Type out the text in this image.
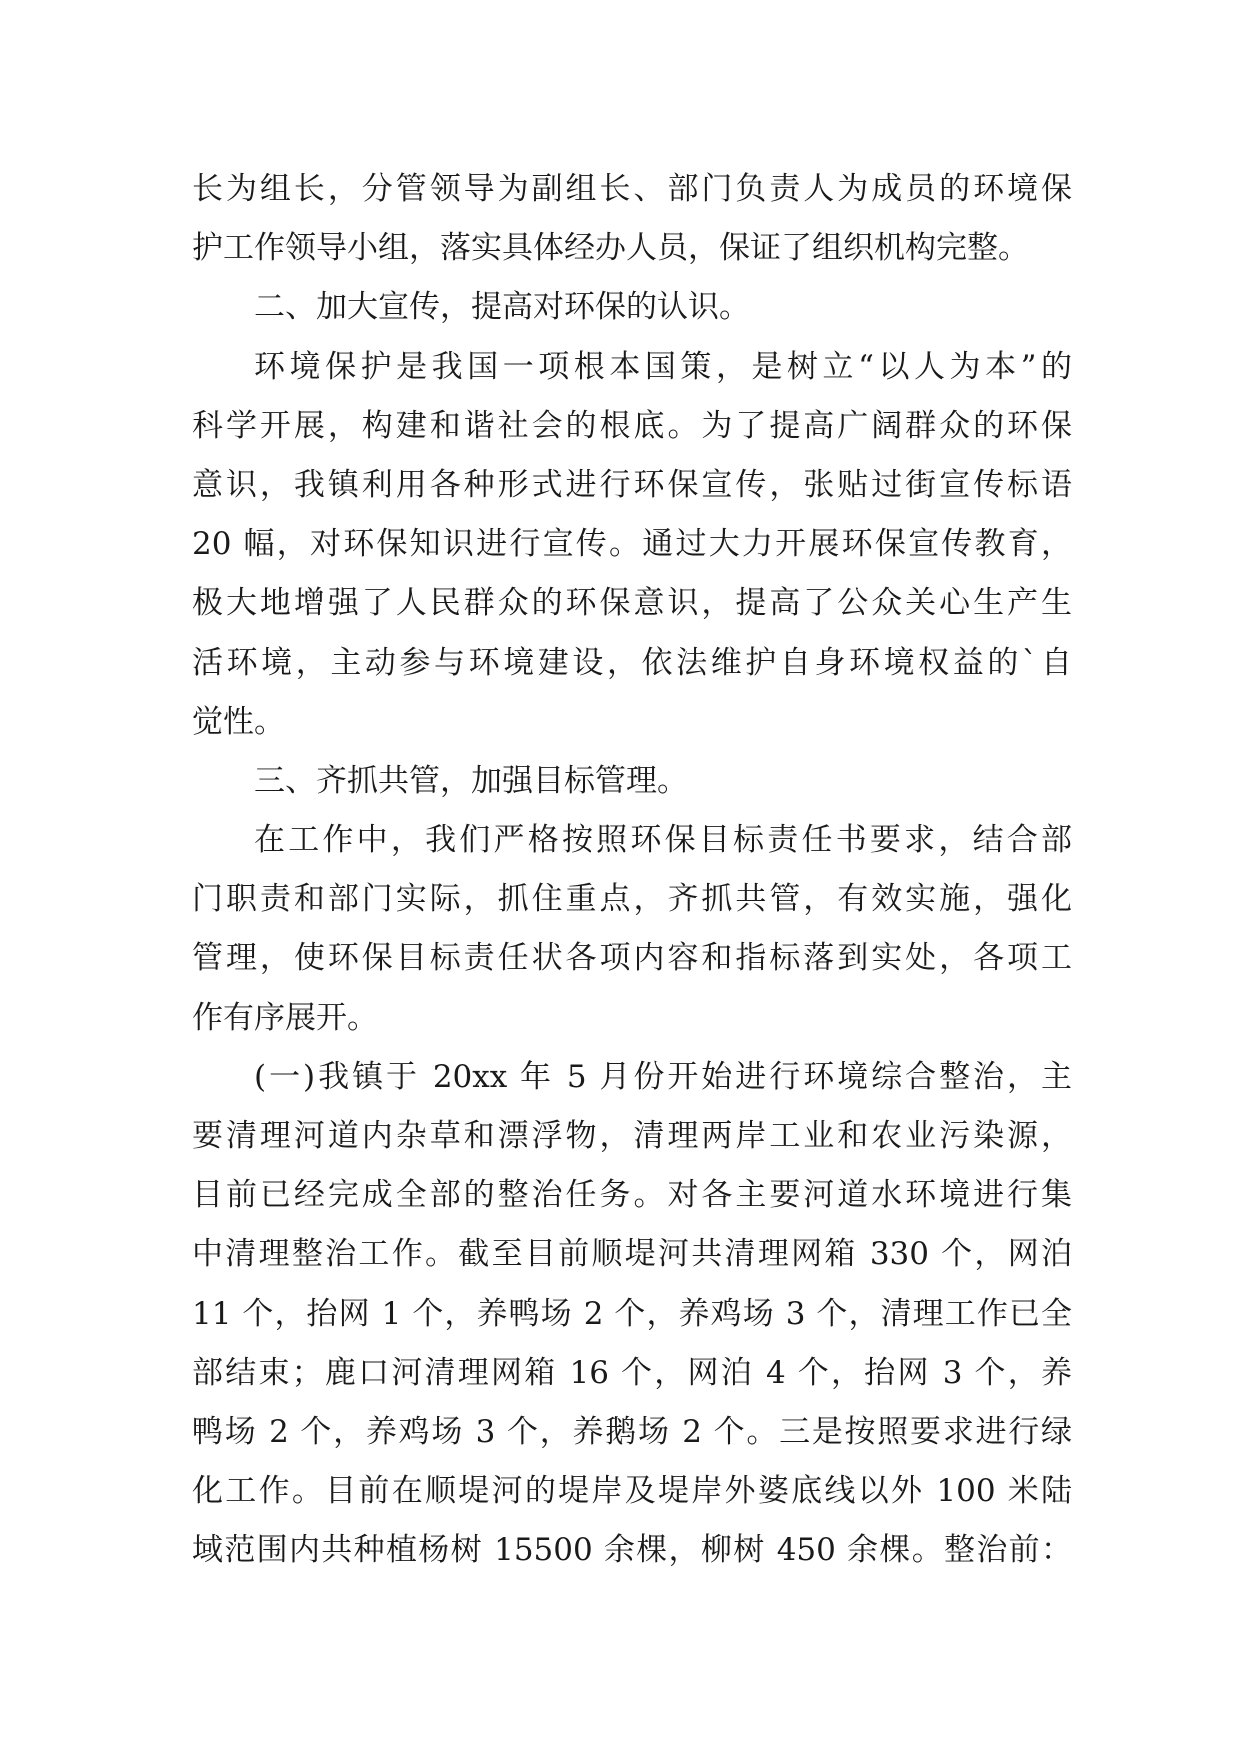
长为组长，分管领导为副组长、部门负责人为成员的环境保
护工作领导小组，落实具体经办人员，保证了组织机构完整。
二、加大宣传，提高对环保的认识。
环境保护是我国一项根本国策，是树立“以人为本”的
科学开展，构建和谐社会的根底。为了提高广阔群众的环保
意识，我镇利用各种形式进行环保宣传，张贴过街宣传标语
20 幅，对环保知识进行宣传。通过大力开展环保宣传教育，
极大地增强了人民群众的环保意识，提高了公众关心生产生
活环境，主动参与环境建设，依法维护自身环境权益的`自
觉性。
三、齐抓共管，加强目标管理。
在工作中，我们严格按照环保目标责任书要求，结合部
门职责和部门实际，抓住重点，齐抓共管，有效实施，强化
管理，使环保目标责任状各项内容和指标落到实处，各项工
作有序展开。
(一)我镇于 20xx 年 5 月份开始进行环境综合整治，主
要清理河道内杂草和漂浮物，清理两岸工业和农业污染源，
目前已经完成全部的整治任务。对各主要河道水环境进行集
中清理整治工作。截至目前顺堤河共清理网箱 330 个，网泊
11 个，抬网 1 个，养鸭场 2 个，养鸡场 3 个，清理工作已全
部结束；鹿口河清理网箱 16 个，网泊 4 个，抬网 3 个，养
鸭场 2 个，养鸡场 3 个，养鹅场 2 个。三是按照要求进行绿
化工作。目前在顺堤河的堤岸及堤岸外婆底线以外 100 米陆
域范围内共种植杨树 15500 余棵，柳树 450 余棵。整治前：
